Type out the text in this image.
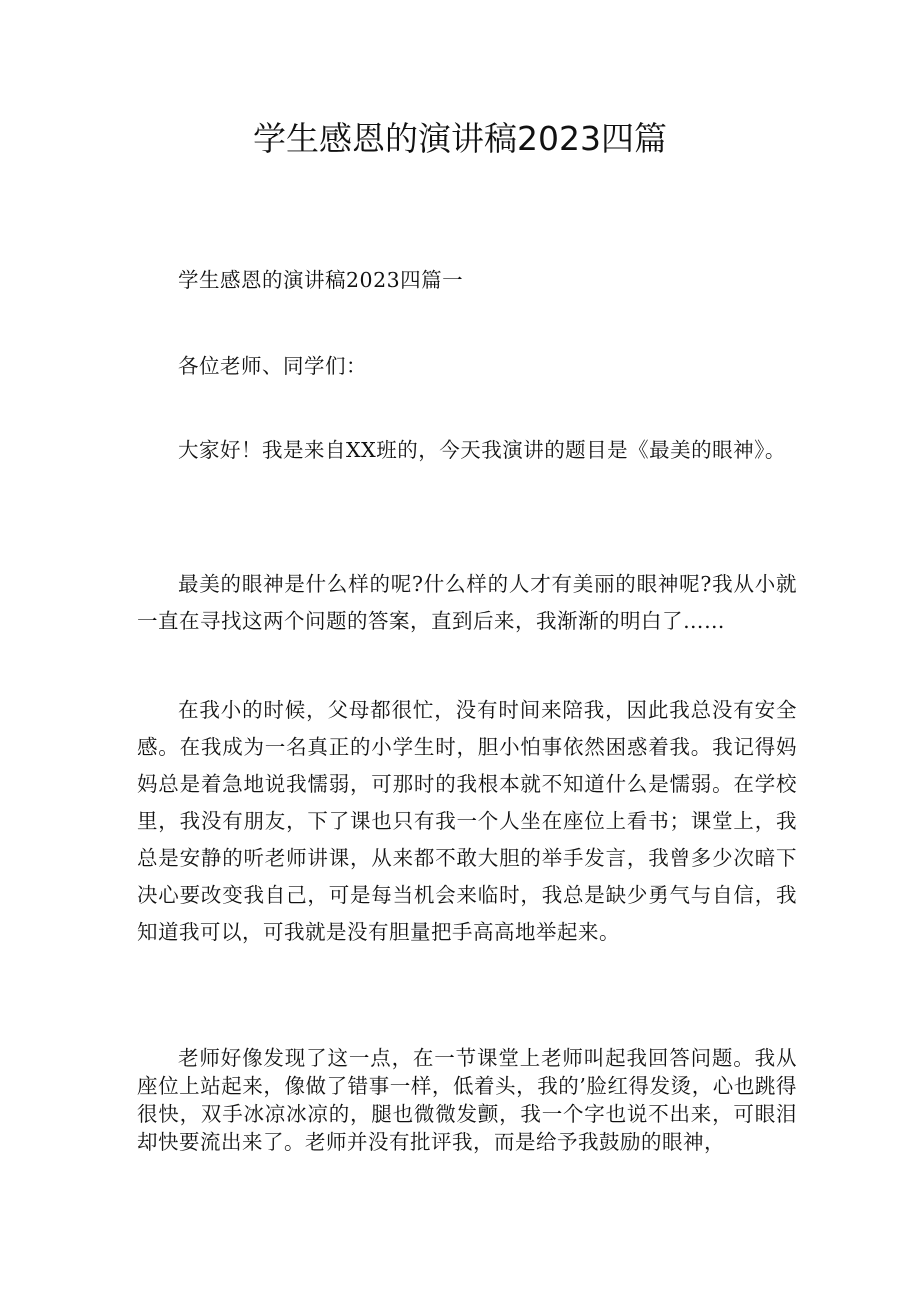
学生感恩的演讲稿2023四篇

学生感恩的演讲稿2023四篇一

各位老师、同学们：

大家好！我是来自XX班的，今天我演讲的题目是《最美的眼神》。

最美的眼神是什么样的呢?什么样的人才有美丽的眼神呢?我从小就一直在寻找这两个问题的答案，直到后来，我渐渐的明白了……

在我小的时候，父母都很忙，没有时间来陪我，因此我总没有安全感。在我成为一名真正的小学生时，胆小怕事依然困惑着我。我记得妈妈总是着急地说我懦弱，可那时的我根本就不知道什么是懦弱。在学校里，我没有朋友，下了课也只有我一个人坐在座位上看书；课堂上，我总是安静的听老师讲课，从来都不敢大胆的举手发言，我曾多少次暗下决心要改变我自己，可是每当机会来临时，我总是缺少勇气与自信，我知道我可以，可我就是没有胆量把手高高地举起来。

老师好像发现了这一点，在一节课堂上老师叫起我回答问题。我从座位上站起来，像做了错事一样，低着头，我的’脸红得发烫，心也跳得很快，双手冰凉冰凉的，腿也微微发颤，我一个字也说不出来，可眼泪却快要流出来了。老师并没有批评我，而是给予我鼓励的眼神，
